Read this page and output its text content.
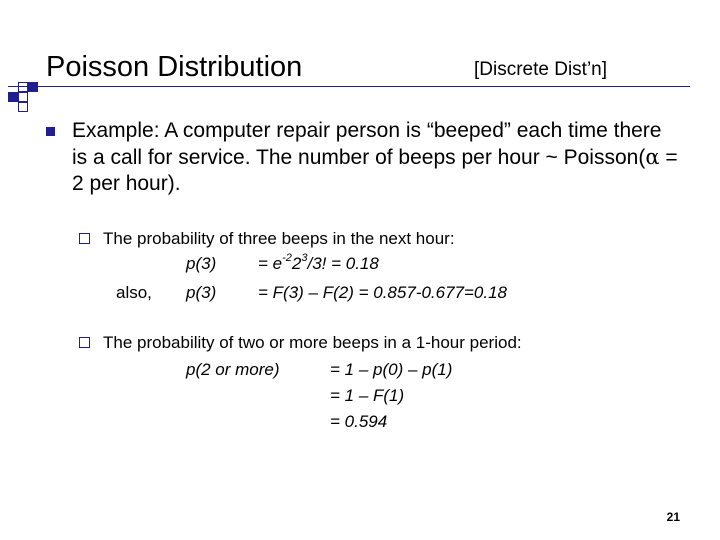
Poisson Distribution	[Discrete Dist’n]
Example: A computer repair person is “beeped” each time there is a call for service. The number of beeps per hour ~ Poisson(α = 2 per hour).
The probability of three beeps in the next hour:
$p(3) = e^{-2}2^3/3$! = 0.18
also, p(3) = F(3) – F(2) = 0.857-0.677=0.18
The probability of two or more beeps in a 1-hour period:
p(2 or more)	= 1 – p(0) – p(1)
= 1 – F(1)
= 0.594
21
